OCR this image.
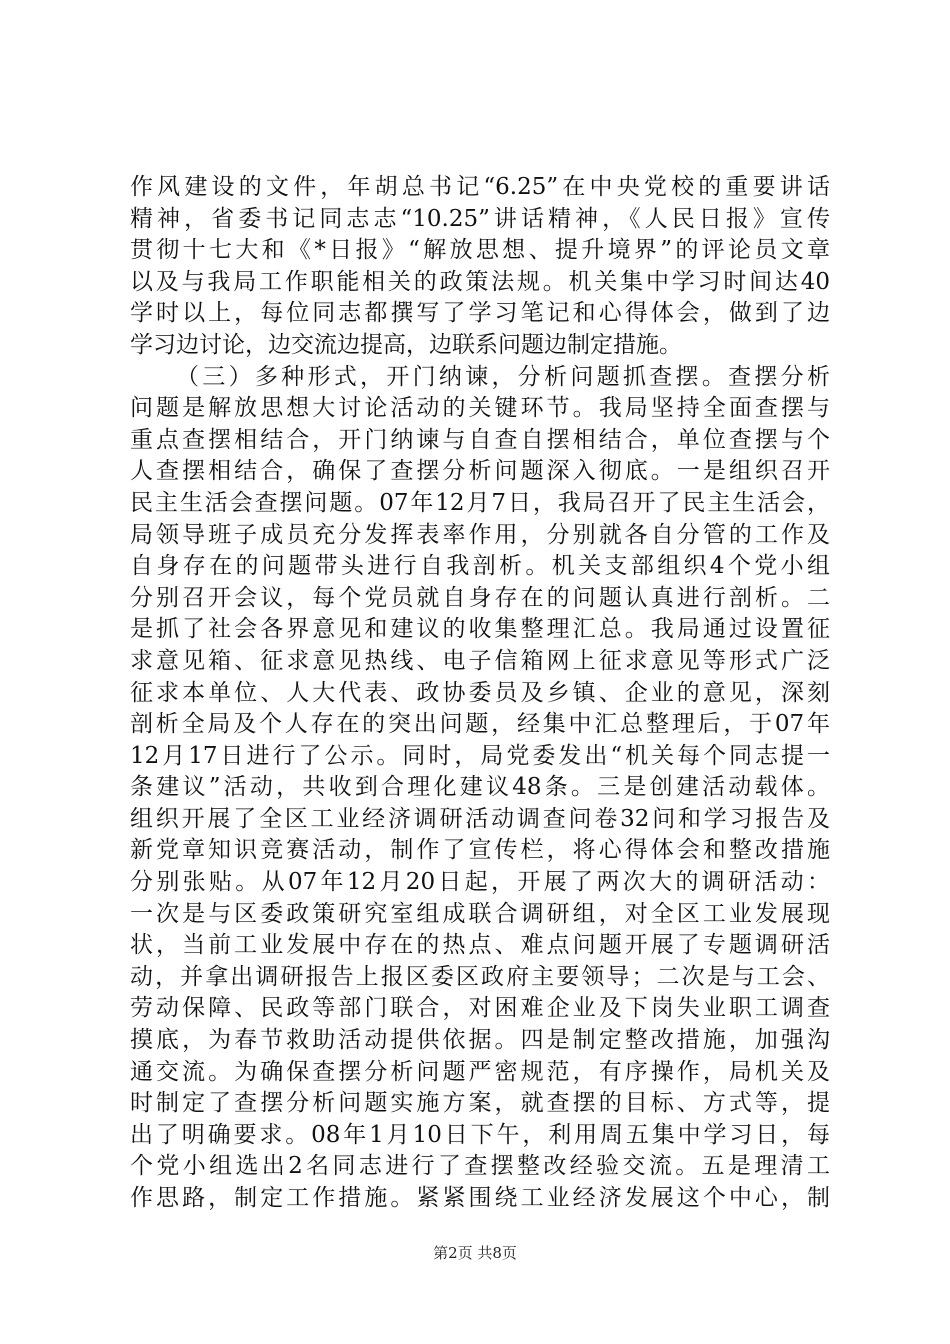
作风建设的文件，年胡总书记“6.25”在中央党校的重要讲话
精神，省委书记同志志“10.25”讲话精神，《人民日报》宣传
贯彻十七大和《*日报》“解放思想、提升境界”的评论员文章
以及与我局工作职能相关的政策法规。机关集中学习时间达40
学时以上，每位同志都撰写了学习笔记和心得体会，做到了边
学习边讨论，边交流边提高，边联系问题边制定措施。
（三）多种形式，开门纳谏，分析问题抓查摆。查摆分析
问题是解放思想大讨论活动的关键环节。我局坚持全面查摆与
重点查摆相结合，开门纳谏与自查自摆相结合，单位查摆与个
人查摆相结合，确保了查摆分析问题深入彻底。一是组织召开
民主生活会查摆问题。07年12月7日，我局召开了民主生活会，
局领导班子成员充分发挥表率作用，分别就各自分管的工作及
自身存在的问题带头进行自我剖析。机关支部组织4个党小组
分别召开会议，每个党员就自身存在的问题认真进行剖析。二
是抓了社会各界意见和建议的收集整理汇总。我局通过设置征
求意见箱、征求意见热线、电子信箱网上征求意见等形式广泛
征求本单位、人大代表、政协委员及乡镇、企业的意见，深刻
剖析全局及个人存在的突出问题，经集中汇总整理后，于07年
12月17日进行了公示。同时，局党委发出“机关每个同志提一
条建议”活动，共收到合理化建议48条。三是创建活动载体。
组织开展了全区工业经济调研活动调查问卷32问和学习报告及
新党章知识竞赛活动，制作了宣传栏，将心得体会和整改措施
分别张贴。从07年12月20日起，开展了两次大的调研活动：
一次是与区委政策研究室组成联合调研组，对全区工业发展现
状，当前工业发展中存在的热点、难点问题开展了专题调研活
动，并拿出调研报告上报区委区政府主要领导；二次是与工会、
劳动保障、民政等部门联合，对困难企业及下岗失业职工调查
摸底，为春节救助活动提供依据。四是制定整改措施，加强沟
通交流。为确保查摆分析问题严密规范，有序操作，局机关及
时制定了查摆分析问题实施方案，就查摆的目标、方式等，提
出了明确要求。08年1月10日下午，利用周五集中学习日，每
个党小组选出2名同志进行了查摆整改经验交流。五是理清工
作思路，制定工作措施。紧紧围绕工业经济发展这个中心，制
第2页 共8页
